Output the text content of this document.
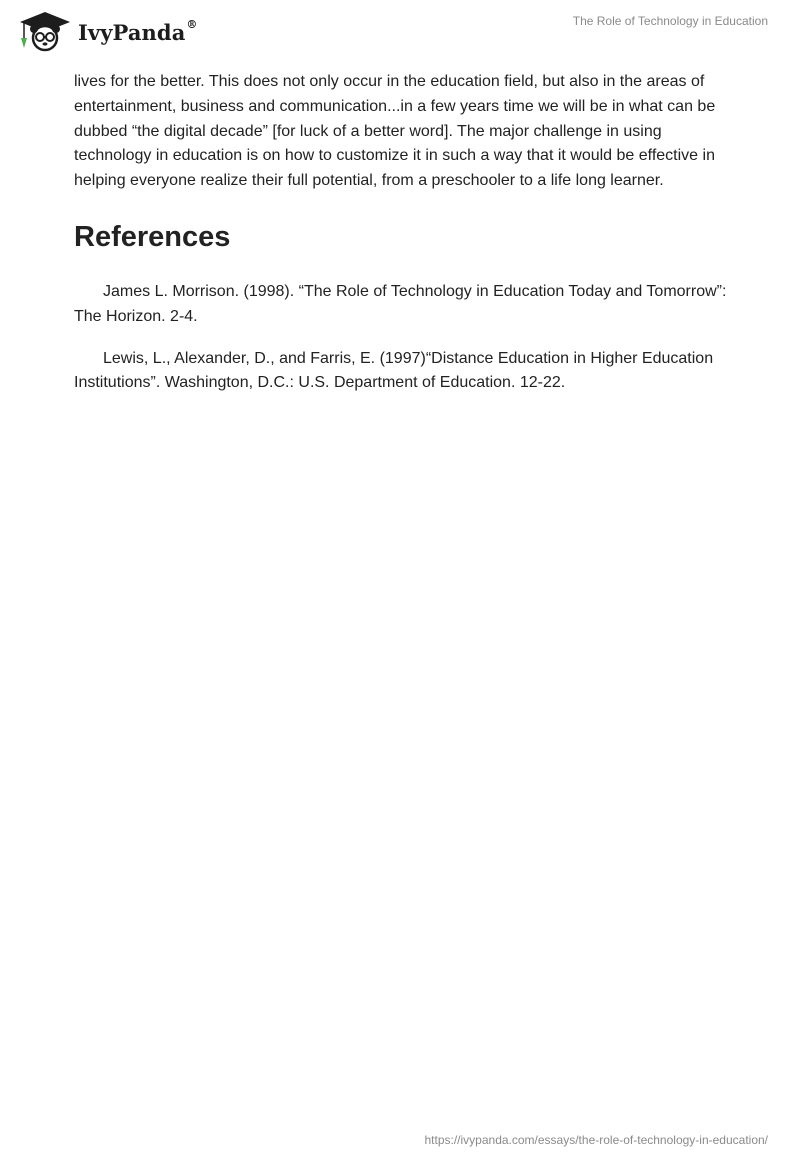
IvyPanda®	The Role of Technology in Education

lives for the better. This does not only occur in the education field, but also in the areas of entertainment, business and communication...in a few years time we will be in what can be dubbed “the digital decade” [for luck of a better word]. The major challenge in using technology in education is on how to customize it in such a way that it would be effective in helping everyone realize their full potential, from a preschooler to a life long learner.

References

James L. Morrison. (1998). “The Role of Technology in Education Today and Tomorrow”: The Horizon. 2-4.

Lewis, L., Alexander, D., and Farris, E. (1997)“Distance Education in Higher Education Institutions”. Washington, D.C.: U.S. Department of Education. 12-22.

https://ivypanda.com/essays/the-role-of-technology-in-education/
